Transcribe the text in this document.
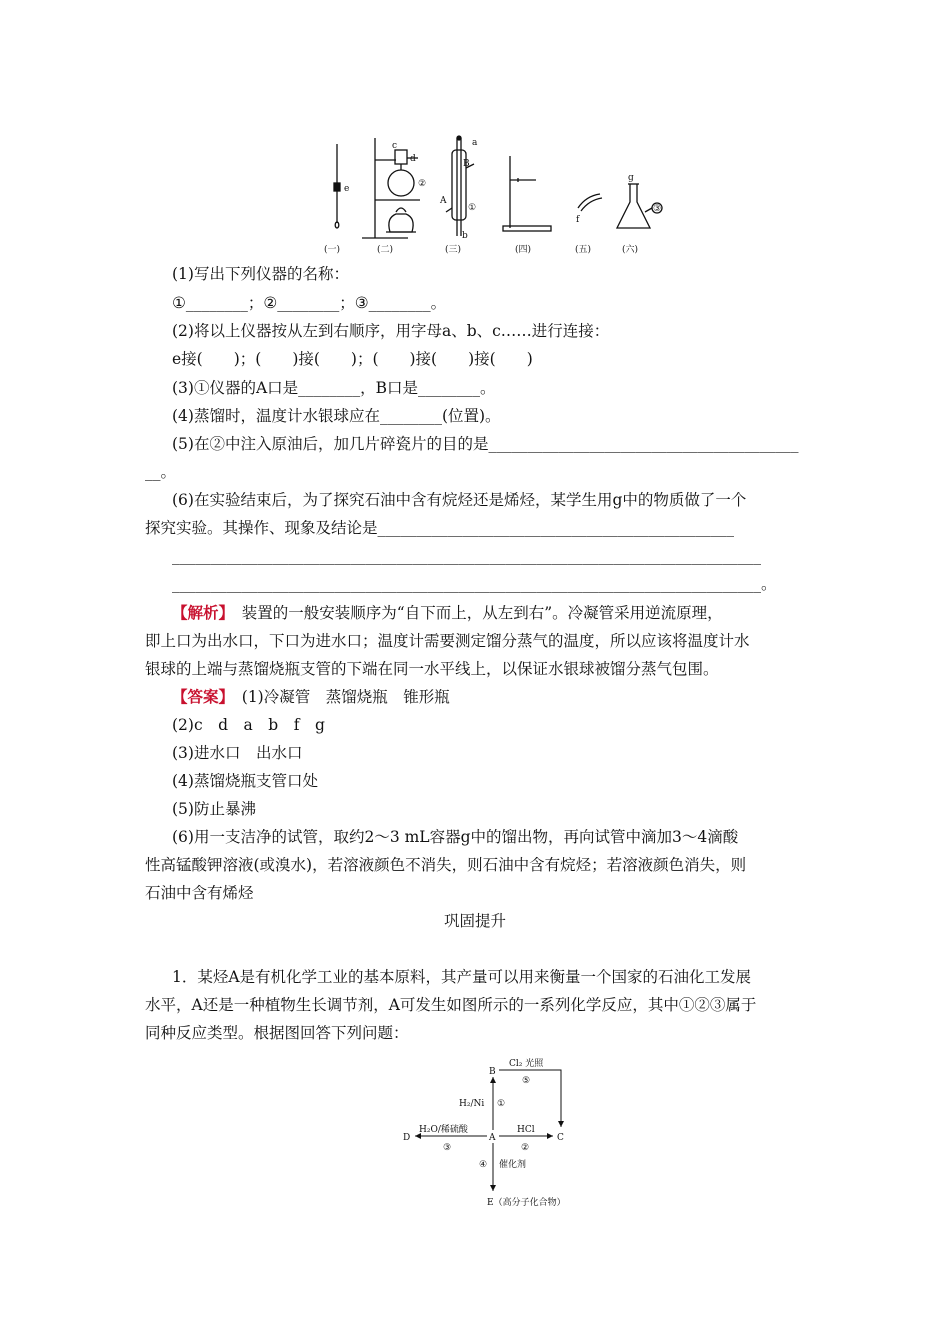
e
c
d
②
a
B
A
①
b
f
g
③
(一)	(二)	(三)	(四)	(五)	(六)
(1)写出下列仪器的名称：
①________；②________；③________。
(2)将以上仪器按从左到右顺序，用字母a、b、c……进行连接：
e接(　　)；(　　)接(　　)；(　　)接(　　)接(　　)
(3)①仪器的A口是________，B口是________。
(4)蒸馏时，温度计水银球应在________(位置)。
(5)在②中注入原油后，加几片碎瓷片的目的是________________________________________
__。
(6)在实验结束后，为了探究石油中含有烷烃还是烯烃，某学生用g中的物质做了一个
探究实验。其操作、现象及结论是______________________________________________
____________________________________________________________________________
____________________________________________________________________________。
【解析】　装置的一般安装顺序为“自下而上，从左到右”。冷凝管采用逆流原理，
即上口为出水口，下口为进水口；温度计需要测定馏分蒸气的温度，所以应该将温度计水
银球的上端与蒸馏烧瓶支管的下端在同一水平线上，以保证水银球被馏分蒸气包围。
【答案】　(1)冷凝管　蒸馏烧瓶　锥形瓶
(2)c　d　a　b　f　g
(3)进水口　出水口
(4)蒸馏烧瓶支管口处
(5)防止暴沸
(6)用一支洁净的试管，取约2～3 mL容器g中的馏出物，再向试管中滴加3～4滴酸
性高锰酸钾溶液(或溴水)，若溶液颜色不消失，则石油中含有烷烃；若溶液颜色消失，则
石油中含有烯烃
巩固提升
1．某烃A是有机化学工业的基本原料，其产量可以用来衡量一个国家的石油化工发展
水平，A还是一种植物生长调节剂，A可发生如图所示的一系列化学反应，其中①②③属于
同种反应类型。根据图回答下列问题：
B
A	C
D
E（高分子化合物）
Cl₂ 光照
⑤
H₂/Ni ①
HCl
②
H₂O/稀硫酸
③
④ 催化剂
